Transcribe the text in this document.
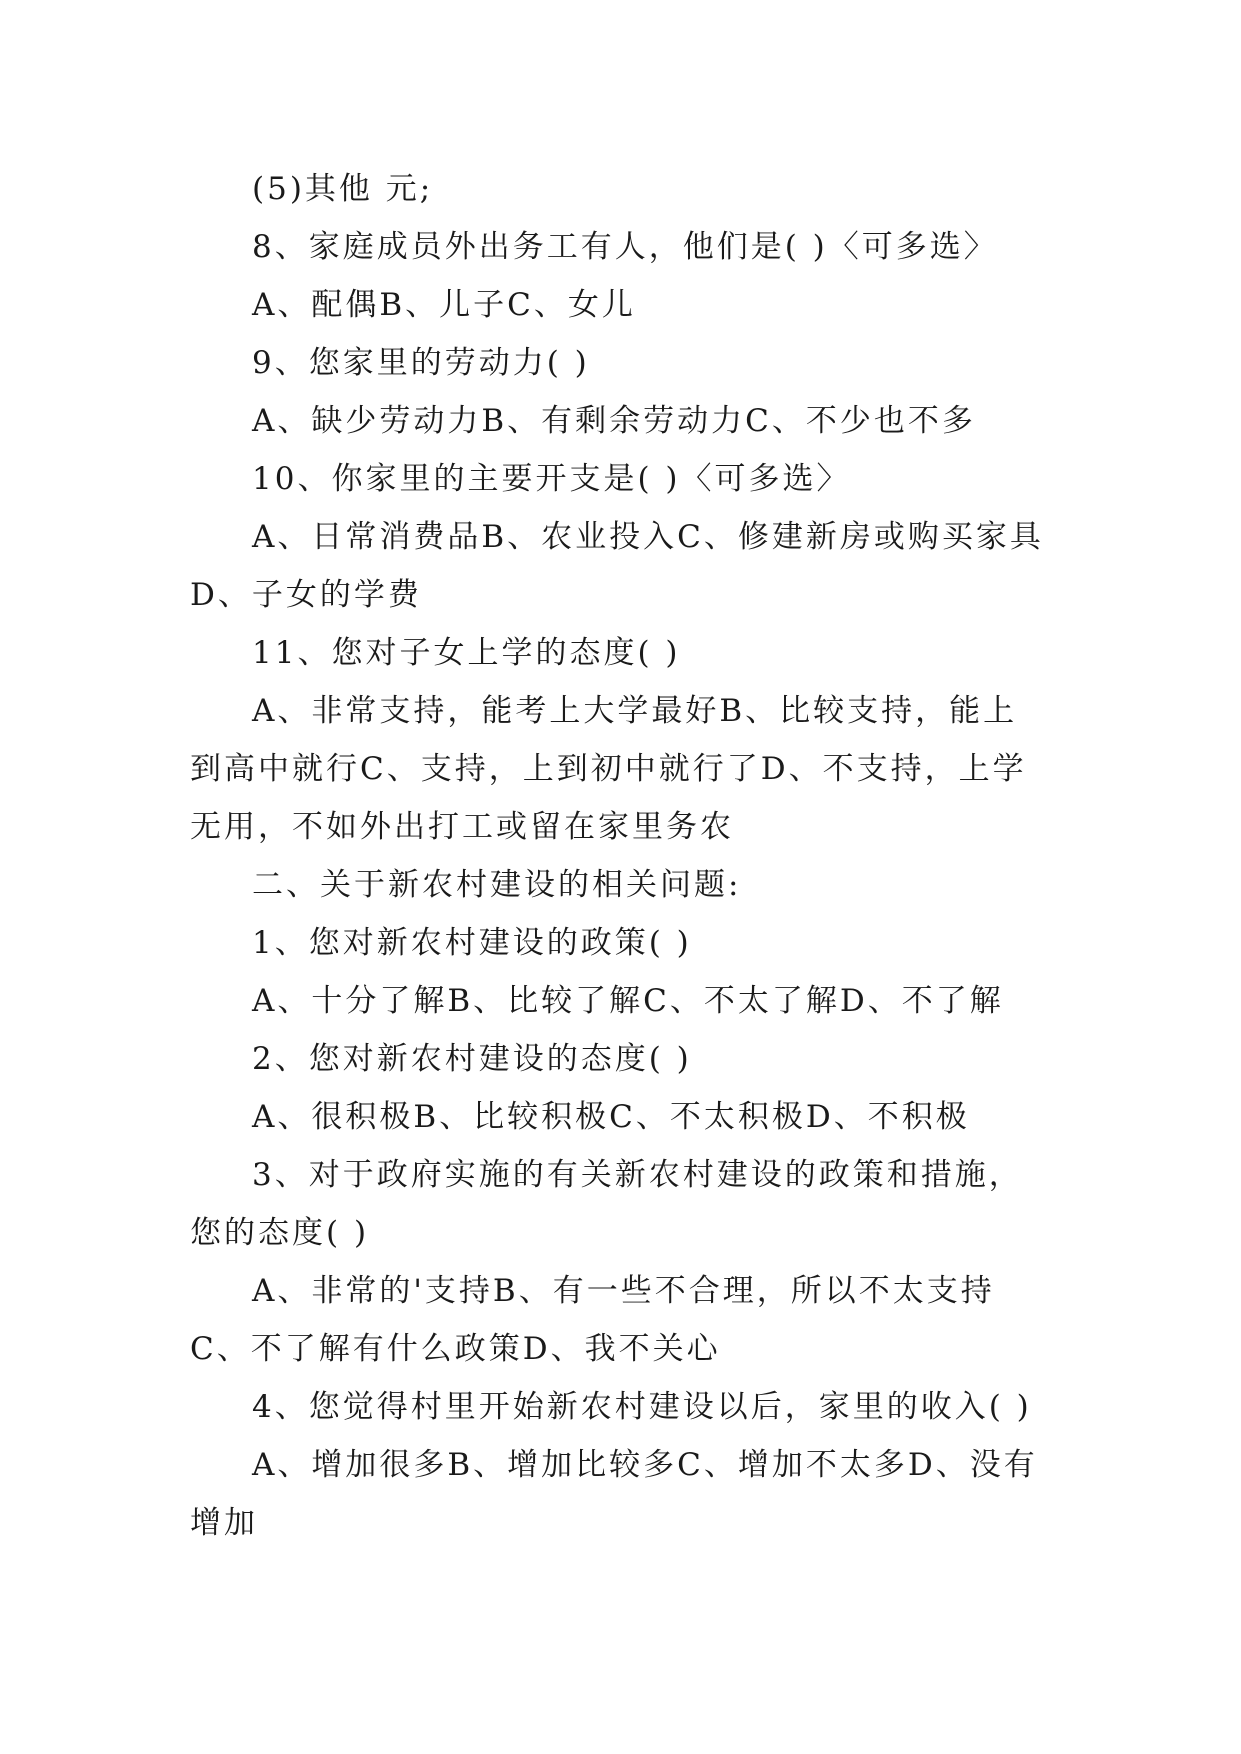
(5)其他 元;

8、家庭成员外出务工有人，他们是( )〈可多选〉

A、配偶B、儿子C、女儿

9、您家里的劳动力( )

A、缺少劳动力B、有剩余劳动力C、不少也不多

10、你家里的主要开支是( )〈可多选〉

A、日常消费品B、农业投入C、修建新房或购买家具D、子女的学费

11、您对子女上学的态度( )

A、非常支持，能考上大学最好B、比较支持，能上到高中就行C、支持，上到初中就行了D、不支持，上学无用，不如外出打工或留在家里务农

二、关于新农村建设的相关问题:

1、您对新农村建设的政策( )

A、十分了解B、比较了解C、不太了解D、不了解

2、您对新农村建设的态度( )

A、很积极B、比较积极C、不太积极D、不积极

3、对于政府实施的有关新农村建设的政策和措施，您的态度( )

A、非常的'支持B、有一些不合理，所以不太支持C、不了解有什么政策D、我不关心

4、您觉得村里开始新农村建设以后，家里的收入( )

A、增加很多B、增加比较多C、增加不太多D、没有增加
